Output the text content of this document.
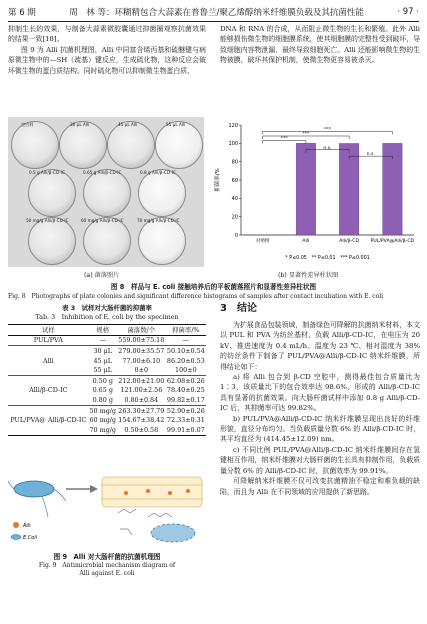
第 6 期	周　林 等：环糊精包合大蒜素在普鲁兰/聚乙烯醇纳米纤维膜负载及其抗菌性能	· 97 ·

抑制生长的效果，与制备大蒜素微胶囊通过抑菌圈观察抗菌效果的结果一致[18]。

图 9 为 Alli 抗菌机理图，Alli 中同富含烯丙基和硫醚键与病原微生物中的—SH（巯基）键反应，生成硫化物，这种反应会破坏微生物的蛋白质结构。同时硫化物可以抑制微生物蛋白质、

DNA 和 RNA 的合成，从而阻止微生物的生长和繁殖。此外 Alli 能够损伤微生物的细胞膜系统，使其细胞膜的完整性受到破坏，导致细胞内容物泄漏，最终导致细胞死亡。Alli 还能影响微生物的生物被膜，破坏其保护机制，使微生物更容易被杀灭。

空白样	30 μL Alli	45 μL Alli	55 μL Alli
0.5 g Alli/β-CD-IC	0.65 g Alli/β-CD-IC	0.8 g Alli/β-CD-IC
50 mg/g Alli/β-CD-IC	60 mg/g Alli/β-CD-IC	70 mg/g Alli/β-CD-IC
(a) 菌落照片
0
20
40
60
80
100
120
抑菌率/%
对照组	Alli	Alli/β-CD	PUL/PVA@Alli/β-CD
***
***
***
n.s.
n.s.
* P≤0.05　** P≤0.01　*** P≤0.001
(b) 显著性差异柱状图
图 8　样品与 E. coli 接触培养后的平板菌落照片和显著性差异柱状图
Fig. 8　Photographs of plate colonies and significant difference histograms of samples after contact incubation with E. coli
表 3　试样对大肠杆菌的抑菌率
Tab. 3　Inhibition of E. coli by the specimen
试样	规格	菌落数/个	抑菌率/%
PUL/PVA	—	559.00±75.18	—
Alli	30 μL	279.00±35.57	50.10±0.54
	45 μL	77.00±6.10	86.20±0.53
	55 μL	0±0	100±0
Alli/β-CD-IC	0.50 g	212.00±21.00	62.08±0.26
	0.65 g	121.00±2.56	78.40±0.25
	0.80 g	0.80±0.84	99.82±0.17
PUL/PVA@ Alli/β-CD-IC	50 mg/g	263.30±27.79	52.90±0.26
	60 mg/g	154.67±38.42	72.33±0.31
	70 mg/g	0.50±0.58	99.91±0.07
Alli
E.Coli
图 9　Alli 对大肠杆菌的抗菌机理图
Fig. 9　Antimicrobial mechanism diagram of
Alli against E. coli
3　结论

为扩展食品包装领域，制备绿色可降解的抗菌纳米材料，本文以 PUL 和 PVA 为纺丝基材，负载 Alli/β-CD-IC，在电压为 20 kV、推进速度为 0.4 mL/h、温度为 23 ℃、相对湿度为 38% 的纺丝条件下制备了 PUL/PVA@Alli/β-CD-IC 纳米纤维膜，所得结论如下：

a) 将 Alli 包合到 β-CD 空腔中，测得最佳包合质量比为 1∶3，该质量比下的包合效率达 98.6%，形成的 Alli/β-CD-IC 具有显著的抗菌效果。向大肠杆菌试样中添加 0.8 g Alli/β-CD-IC 后，其抑菌率可达 99.82%。

b) PUL/PVA@Alli/β-CD-IC 纳米纤维膜呈现出良好的纤维形貌，直径分布均匀。当负载质量分数 6% 的 Alli/β-CD-IC 时，其平均直径为 (414.45±12.09) nm。

c) 不同比例 PUL/PVA@Alli/β-CD-IC 纳米纤维膜间存在氢键相互作用，纳米纤维膜对大肠杆菌的生长具有抑制作用，负载质量分数 6% 的 Alli/β-CD-IC 时，抗菌效率为 99.91%。

可降解纳米纤维膜不仅可改变抗菌精油不稳定和难负载的缺陷，而且为 Alli 在不同领域的应用提供了新思路。
